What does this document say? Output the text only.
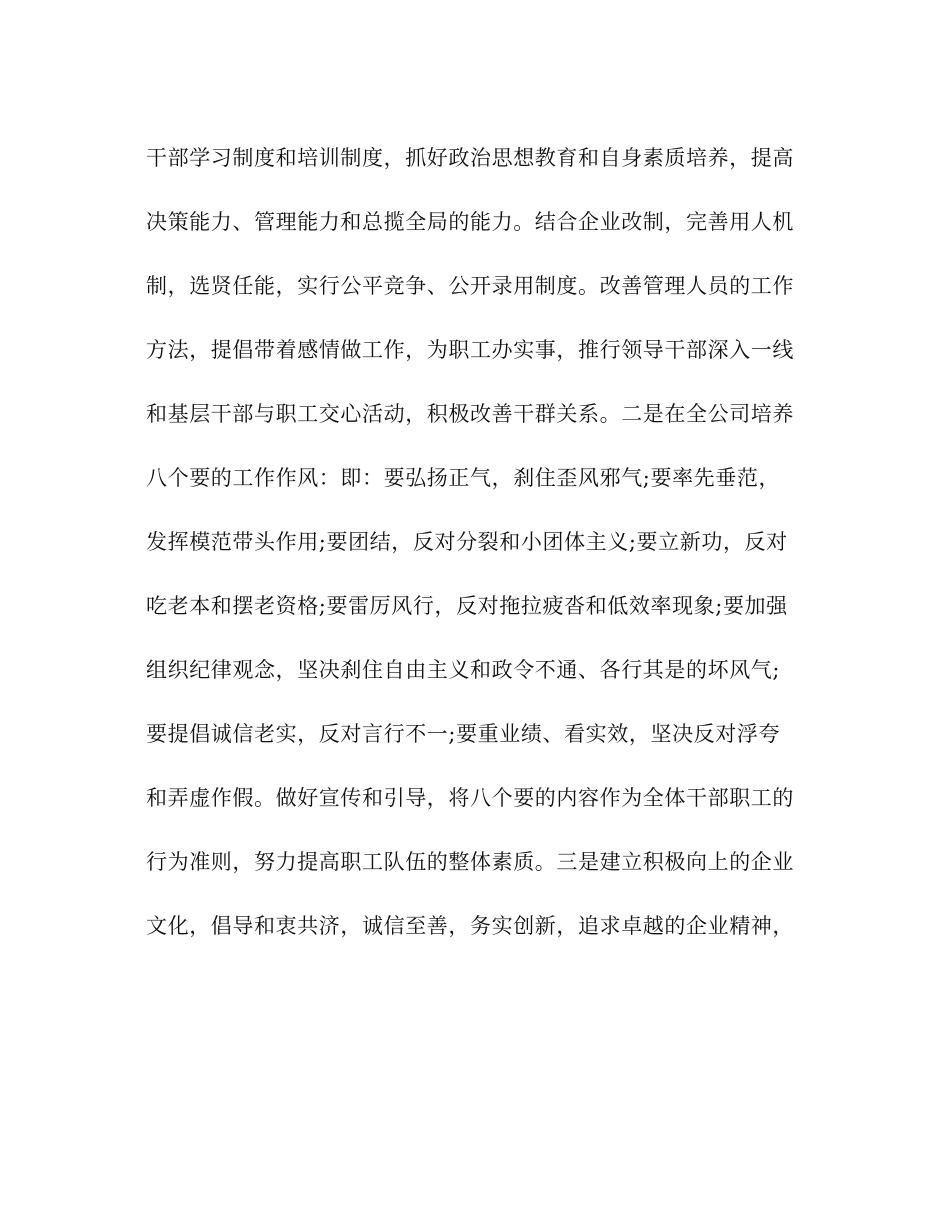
干部学习制度和培训制度，抓好政治思想教育和自身素质培养，提高
决策能力、管理能力和总揽全局的能力。结合企业改制，完善用人机
制，选贤任能，实行公平竞争、公开录用制度。改善管理人员的工作
方法，提倡带着感情做工作，为职工办实事，推行领导干部深入一线
和基层干部与职工交心活动，积极改善干群关系。二是在全公司培养
八个要的工作作风：即：要弘扬正气，刹住歪风邪气;要率先垂范，
发挥模范带头作用;要团结，反对分裂和小团体主义;要立新功，反对
吃老本和摆老资格;要雷厉风行，反对拖拉疲沓和低效率现象;要加强
组织纪律观念，坚决刹住自由主义和政令不通、各行其是的坏风气;
要提倡诚信老实，反对言行不一;要重业绩、看实效，坚决反对浮夸
和弄虚作假。做好宣传和引导，将八个要的内容作为全体干部职工的
行为准则，努力提高职工队伍的整体素质。三是建立积极向上的企业
文化，倡导和衷共济，诚信至善，务实创新，追求卓越的企业精神，
